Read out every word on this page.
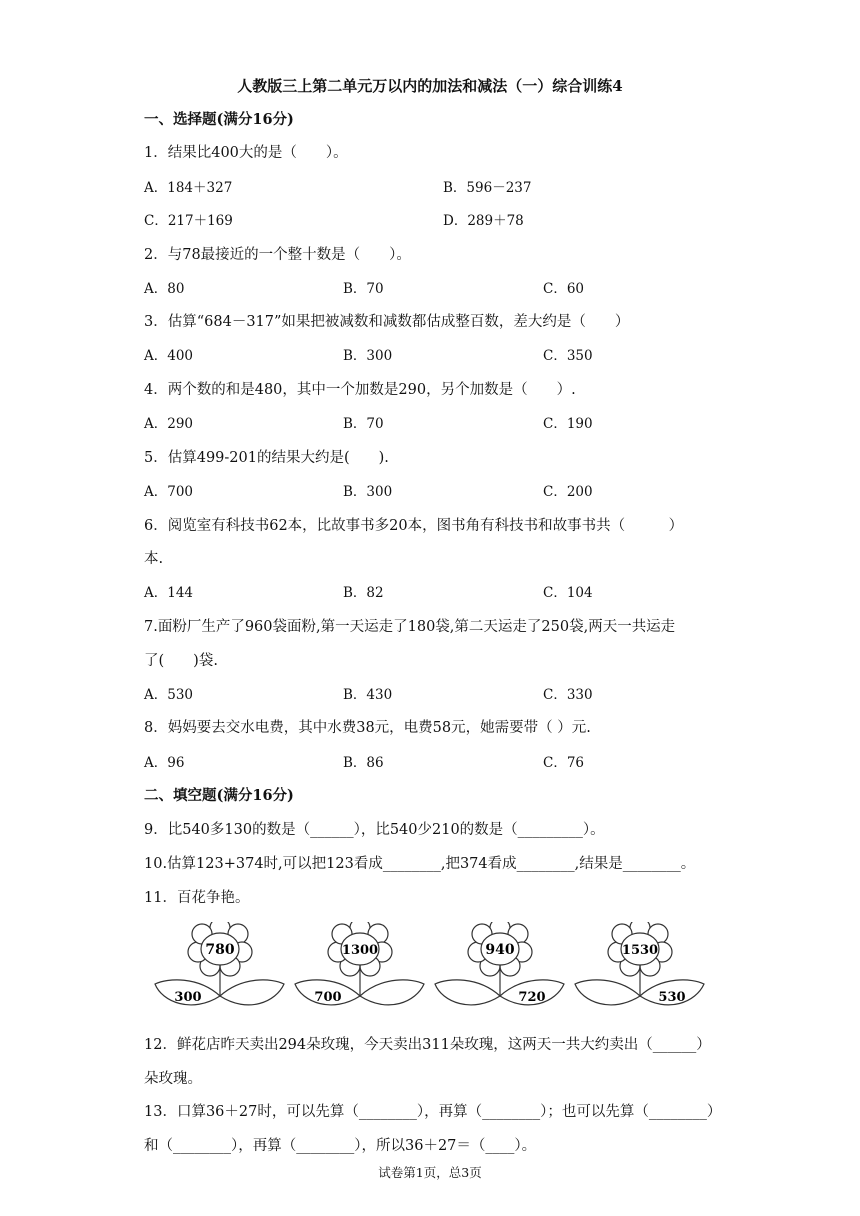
人教版三上第二单元万以内的加法和减法（一）综合训练4
一、选择题(满分16分)
1．结果比400大的是（　　）。
A．184＋327	B．596－237
C．217＋169	D．289＋78
2．与78最接近的一个整十数是（　　）。
A．80	B．70	C．60
3．估算“684－317”如果把被减数和减数都估成整百数，差大约是（　　）
A．400	B．300	C．350
4．两个数的和是480，其中一个加数是290，另个加数是（　　）.
A．290	B．70	C．190
5．估算499-201的结果大约是(　　).
A．700	B．300	C．200
6．阅览室有科技书62本，比故事书多20本，图书角有科技书和故事书共（　　　）
本.
A．144	B．82	C．104
7.面粉厂生产了960袋面粉,第一天运走了180袋,第二天运走了250袋,两天一共运走
了(　　)袋.
A．530	B．430	C．330
8．妈妈要去交水电费，其中水费38元，电费58元，她需要带（ ）元.
A．96	B．86	C．76
二、填空题(满分16分)
9．比540多130的数是（______），比540少210的数是（_________）。
10.估算123+374时,可以把123看成________,把374看成________,结果是________。
11．百花争艳。
780
300
1300
700
940
720
1530
530
12．鲜花店昨天卖出294朵玫瑰，今天卖出311朵玫瑰，这两天一共大约卖出（______）
朵玫瑰。
13．口算36＋27时，可以先算（________），再算（________）；也可以先算（________）
和（________），再算（________），所以36＋27＝（____）。
试卷第1页，总3页
